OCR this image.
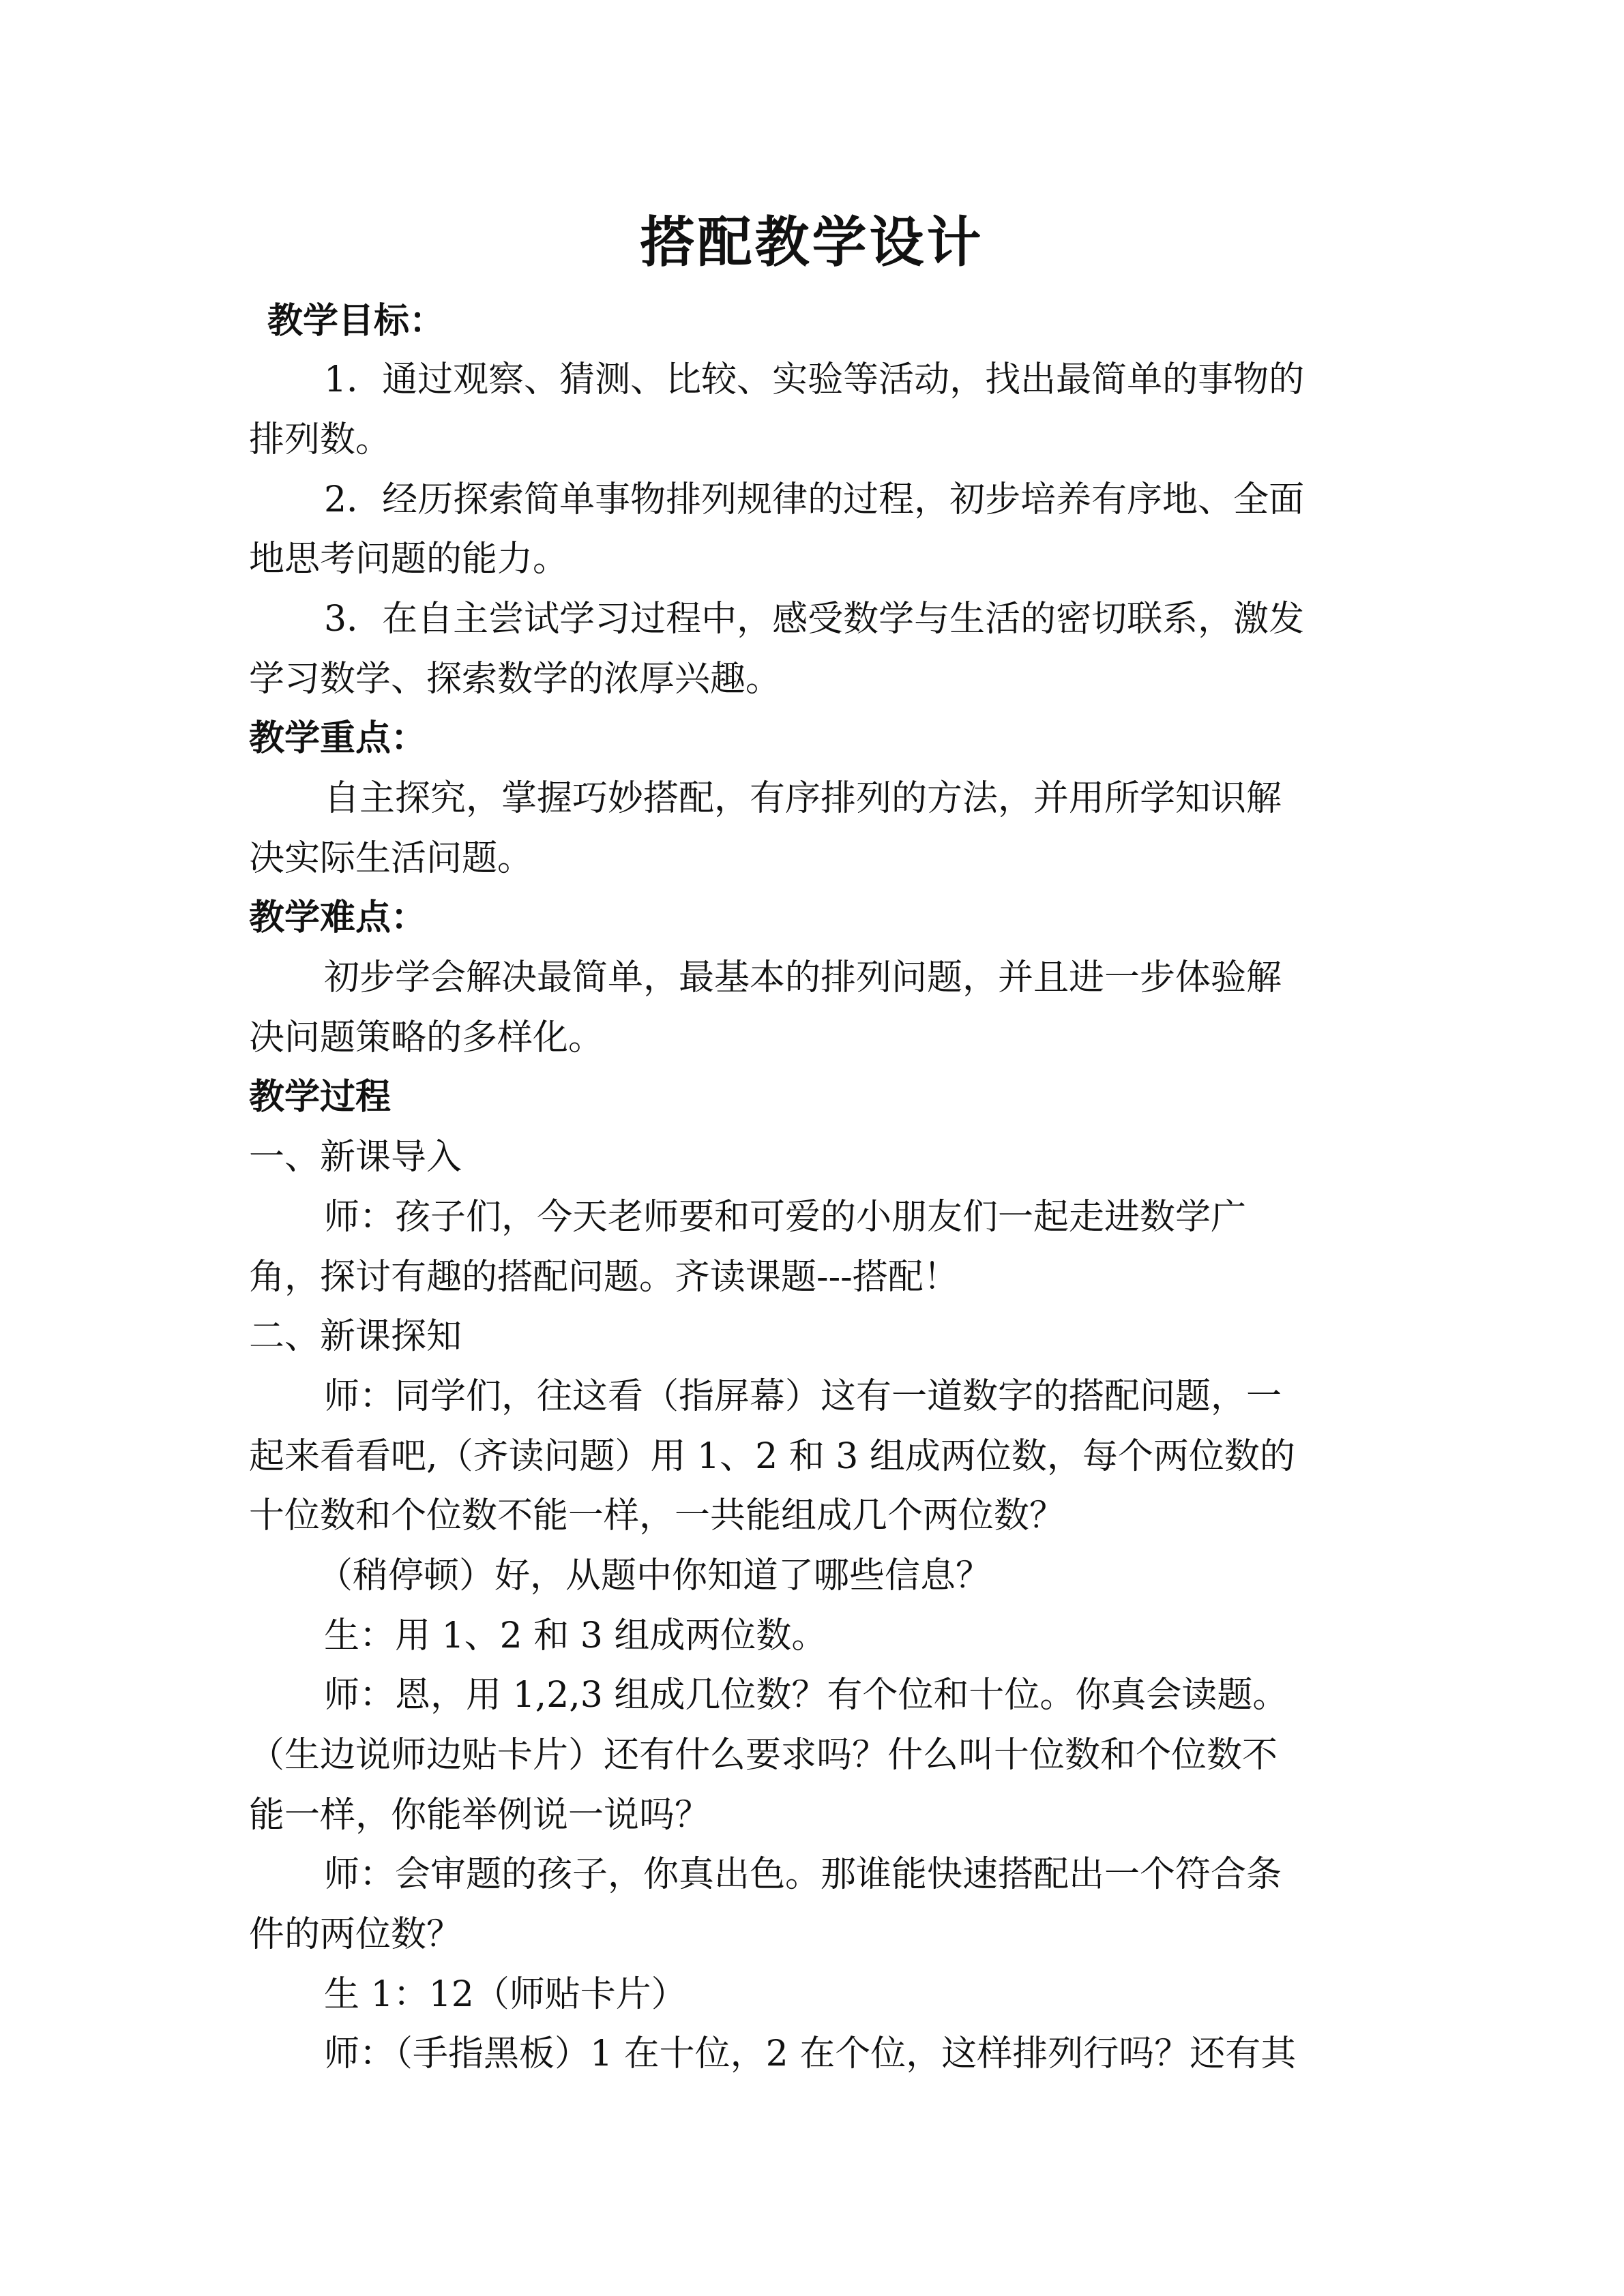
搭配教学设计
教学目标：
1．通过观察、猜测、比较、实验等活动，找出最简单的事物的
排列数。
2．经历探索简单事物排列规律的过程，初步培养有序地、全面
地思考问题的能力。
3．在自主尝试学习过程中，感受数学与生活的密切联系，激发
学习数学、探索数学的浓厚兴趣。
教学重点：
自主探究，掌握巧妙搭配，有序排列的方法，并用所学知识解
决实际生活问题。
教学难点：
初步学会解决最简单，最基本的排列问题，并且进一步体验解
决问题策略的多样化。
教学过程
一、新课导入
师：孩子们，今天老师要和可爱的小朋友们一起走进数学广
角，探讨有趣的搭配问题。齐读课题---搭配！
二、新课探知
师：同学们，往这看（指屏幕）这有一道数字的搭配问题，一
起来看看吧,（齐读问题）用 1、2 和 3 组成两位数，每个两位数的
十位数和个位数不能一样，一共能组成几个两位数？
（稍停顿）好，从题中你知道了哪些信息？
生：用 1、2 和 3 组成两位数。
师：恩，用 1,2,3 组成几位数？有个位和十位。你真会读题。
（生边说师边贴卡片）还有什么要求吗？什么叫十位数和个位数不
能一样，你能举例说一说吗？
师：会审题的孩子，你真出色。那谁能快速搭配出一个符合条
件的两位数？
生 1：12（师贴卡片）
师：（手指黑板）1 在十位，2 在个位，这样排列行吗？还有其
